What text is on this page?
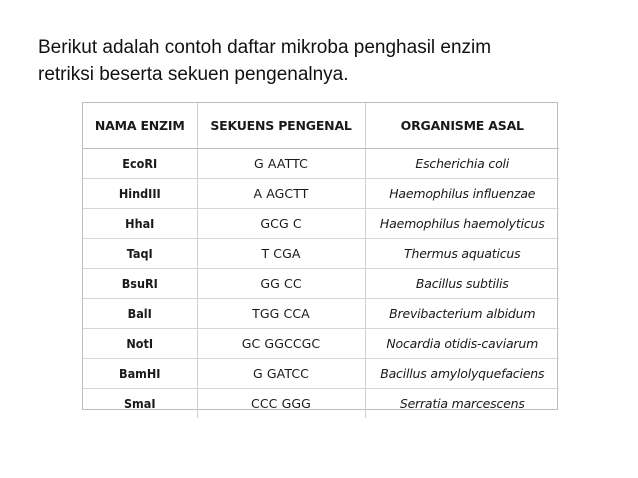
Berikut adalah contoh daftar mikroba penghasil enzim
retriksi beserta sekuen pengenalnya.

NAMA ENZIM	SEKUENS PENGENAL	ORGANISME ASAL
EcoRI	G AATTC	Escherichia coli
HindIII	A AGCTT	Haemophilus influenzae
HhaI	GCG C	Haemophilus haemolyticus
TaqI	T CGA	Thermus aquaticus
BsuRI	GG CC	Bacillus subtilis
BalI	TGG CCA	Brevibacterium albidum
NotI	GC GGCCGC	Nocardia otidis-caviarum
BamHI	G GATCC	Bacillus amylolyquefaciens
SmaI	CCC GGG	Serratia marcescens
